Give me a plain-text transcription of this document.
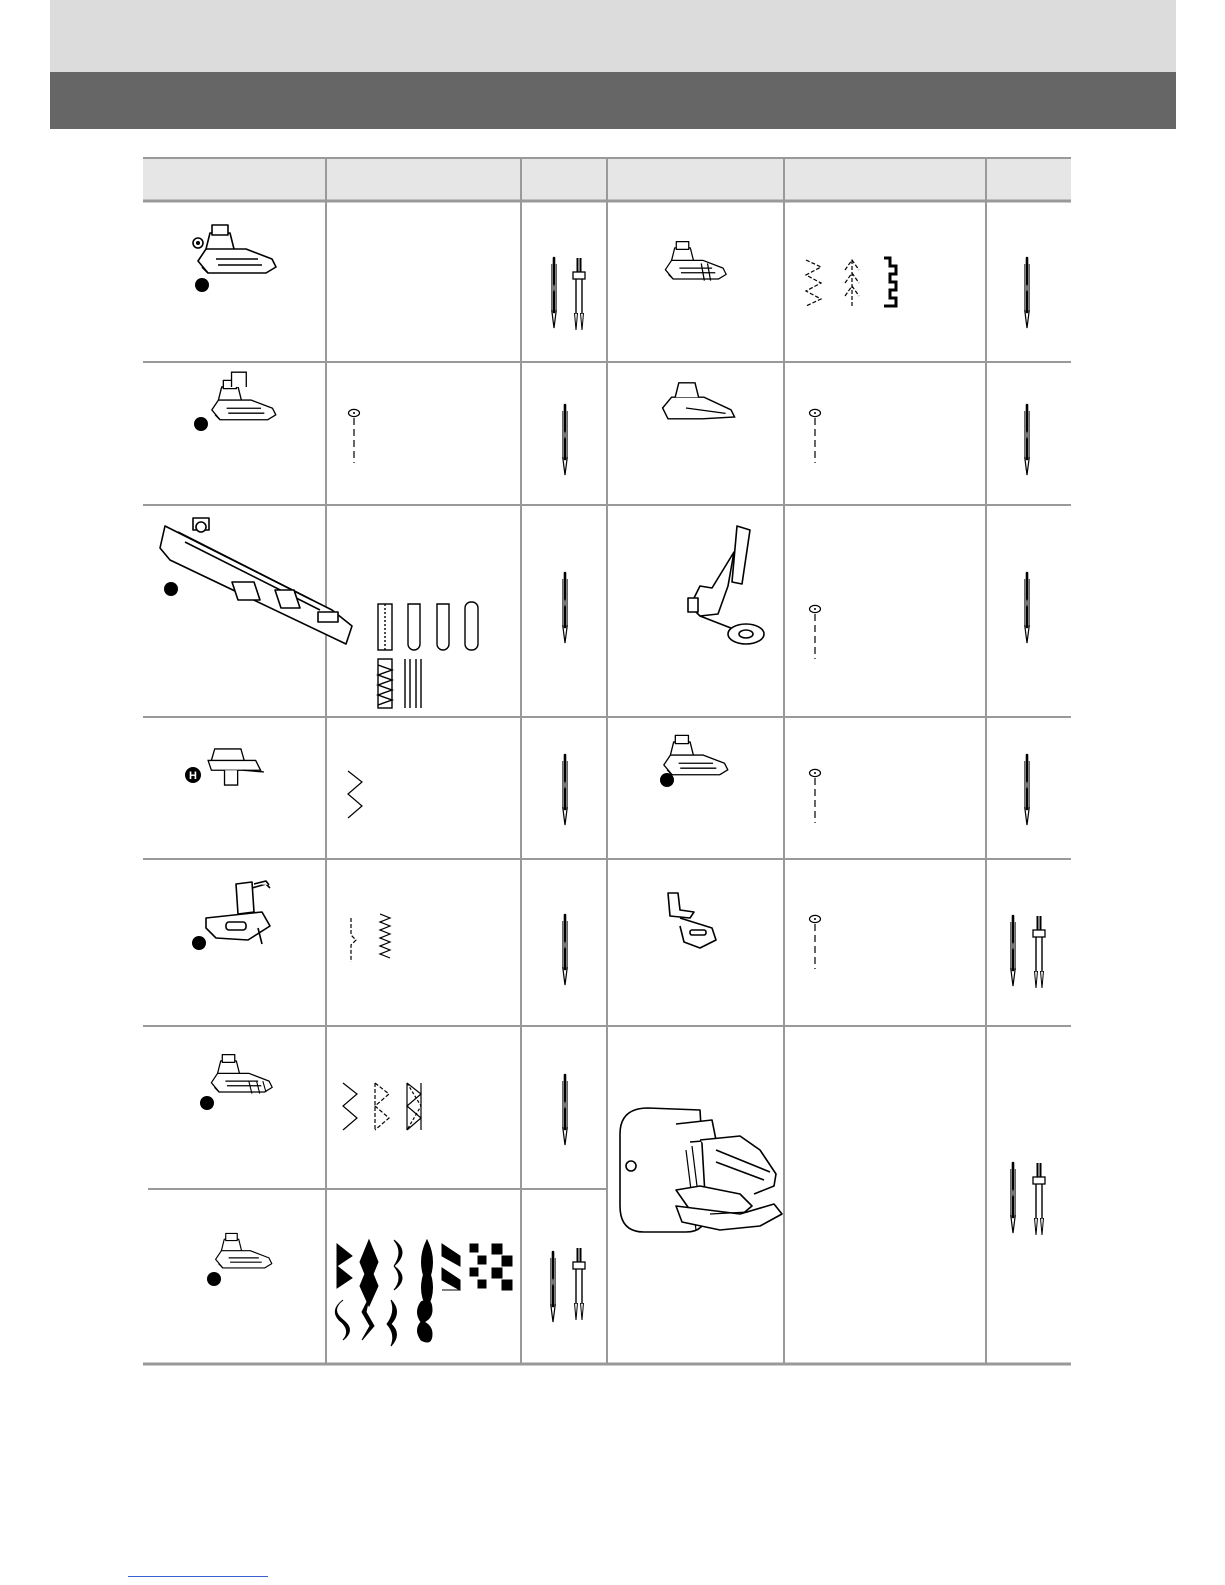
H
